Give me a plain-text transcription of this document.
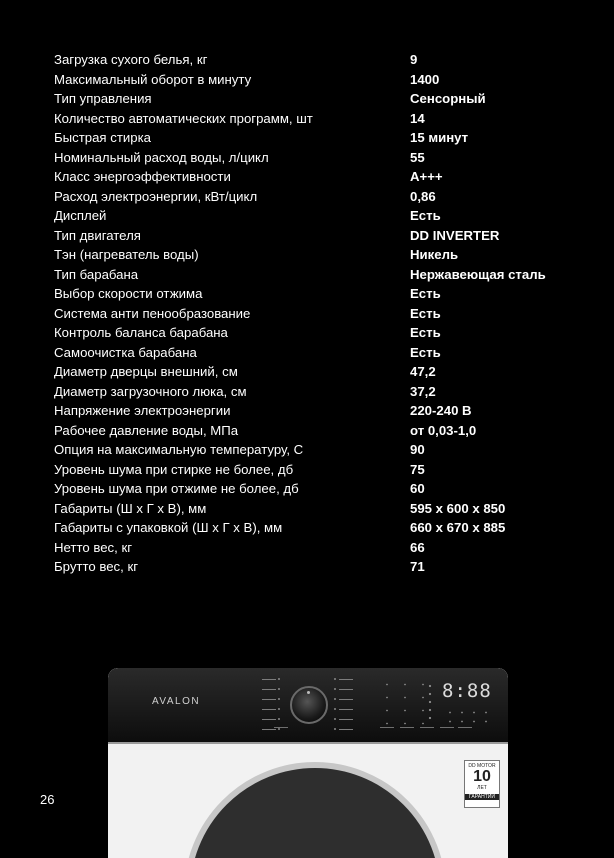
Загрузка сухого белья, кг	9
Максимальный оборот в минуту	1400
Тип управления	Сенсорный
Количество автоматических программ, шт	14
Быстрая стирка	15 минут
Номинальный расход воды, л/цикл	55
Класс энергоэффективности	A+++
Расход электроэнергии, кВт/цикл	0,86
Дисплей	Есть
Тип двигателя	DD INVERTER
Тэн (нагреватель воды)	Никель
Тип барабана	Нержавеющая сталь
Выбор скорости отжима	Есть
Система анти пенообразование	Есть
Контроль баланса барабана	Есть
Самоочистка барабана	Есть
Диаметр дверцы внешний, см	47,2
Диаметр загрузочного люка, см	37,2
Напряжение электроэнергии	220-240 В
Рабочее давление воды, МПа	от 0,03-1,0
Опция на максимальную температуру, С	90
Уровень шума при стирке не более, дб	75
Уровень шума при отжиме не более, дб	60
Габариты (Ш х Г х В), мм	595 х 600 х 850
Габариты с упаковкой (Ш х Г х В), мм	660 х 670 х 885
Нетто вес, кг	66
Брутто вес, кг	71
26
AVALON	8:88
DD MOTOR
10
ЛЕТ
ГАРАНТИИ
